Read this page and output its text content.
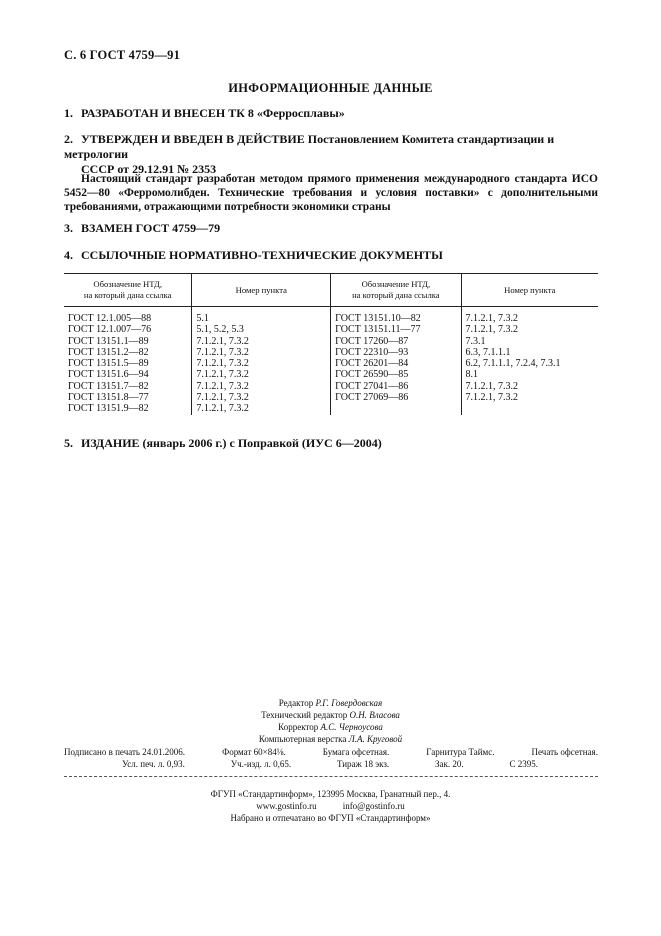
С. 6 ГОСТ 4759—91
ИНФОРМАЦИОННЫЕ ДАННЫЕ
1. РАЗРАБОТАН И ВНЕСЕН ТК 8 «Ферросплавы»
2. УТВЕРЖДЕН И ВВЕДЕН В ДЕЙСТВИЕ Постановлением Комитета стандартизации и метрологии
СССР от 29.12.91 № 2353
Настоящий стандарт разработан методом прямого применения международного стандарта ИСО
5452—80 «Ферромолибден. Технические требования и условия поставки» с дополнительными
требованиями, отражающими потребности экономики страны
3. ВЗАМЕН ГОСТ 4759—79
4. ССЫЛОЧНЫЕ НОРМАТИВНО-ТЕХНИЧЕСКИЕ ДОКУМЕНТЫ
Обозначение НТД,
на который дана ссылка	Номер пункта	Обозначение НТД,
на который дана ссылка	Номер пункта
ГОСТ 12.1.005—88	5.1	ГОСТ 13151.10—82	7.1.2.1, 7.3.2
ГОСТ 12.1.007—76	5.1, 5.2, 5.3	ГОСТ 13151.11—77	7.1.2.1, 7.3.2
ГОСТ 13151.1—89	7.1.2.1, 7.3.2	ГОСТ 17260—87	7.3.1
ГОСТ 13151.2—82	7.1.2.1, 7.3.2	ГОСТ 22310—93	6.3, 7.1.1.1
ГОСТ 13151.5—89	7.1.2.1, 7.3.2	ГОСТ 26201—84	6.2, 7.1.1.1, 7.2.4, 7.3.1
ГОСТ 13151.6—94	7.1.2.1, 7.3.2	ГОСТ 26590—85	8.1
ГОСТ 13151.7—82	7.1.2.1, 7.3.2	ГОСТ 27041—86	7.1.2.1, 7.3.2
ГОСТ 13151.8—77	7.1.2.1, 7.3.2	ГОСТ 27069—86	7.1.2.1, 7.3.2
ГОСТ 13151.9—82	7.1.2.1, 7.3.2		
5. ИЗДАНИЕ (январь 2006 г.) с Поправкой (ИУС 6—2004)
Редактор Р.Г. Говердовская
Технический редактор О.Н. Власова
Корректор А.С. Черноусова
Компьютерная верстка Л.А. Круговой
Подписано в печать 24.01.2006.	Формат 60×84⅛.	Бумага офсетная.	Гарнитура Таймс.	Печать офсетная.
Усл. печ. л. 0,93.	Уч.-изд. л. 0,65.	Тираж 18 экз.	Зак. 20.	С 2395.
ФГУП «Стандартинформ», 123995 Москва, Гранатный пер., 4.
www.gostinfo.ru	info@gostinfo.ru
Набрано и отпечатано во ФГУП «Стандартинформ»
